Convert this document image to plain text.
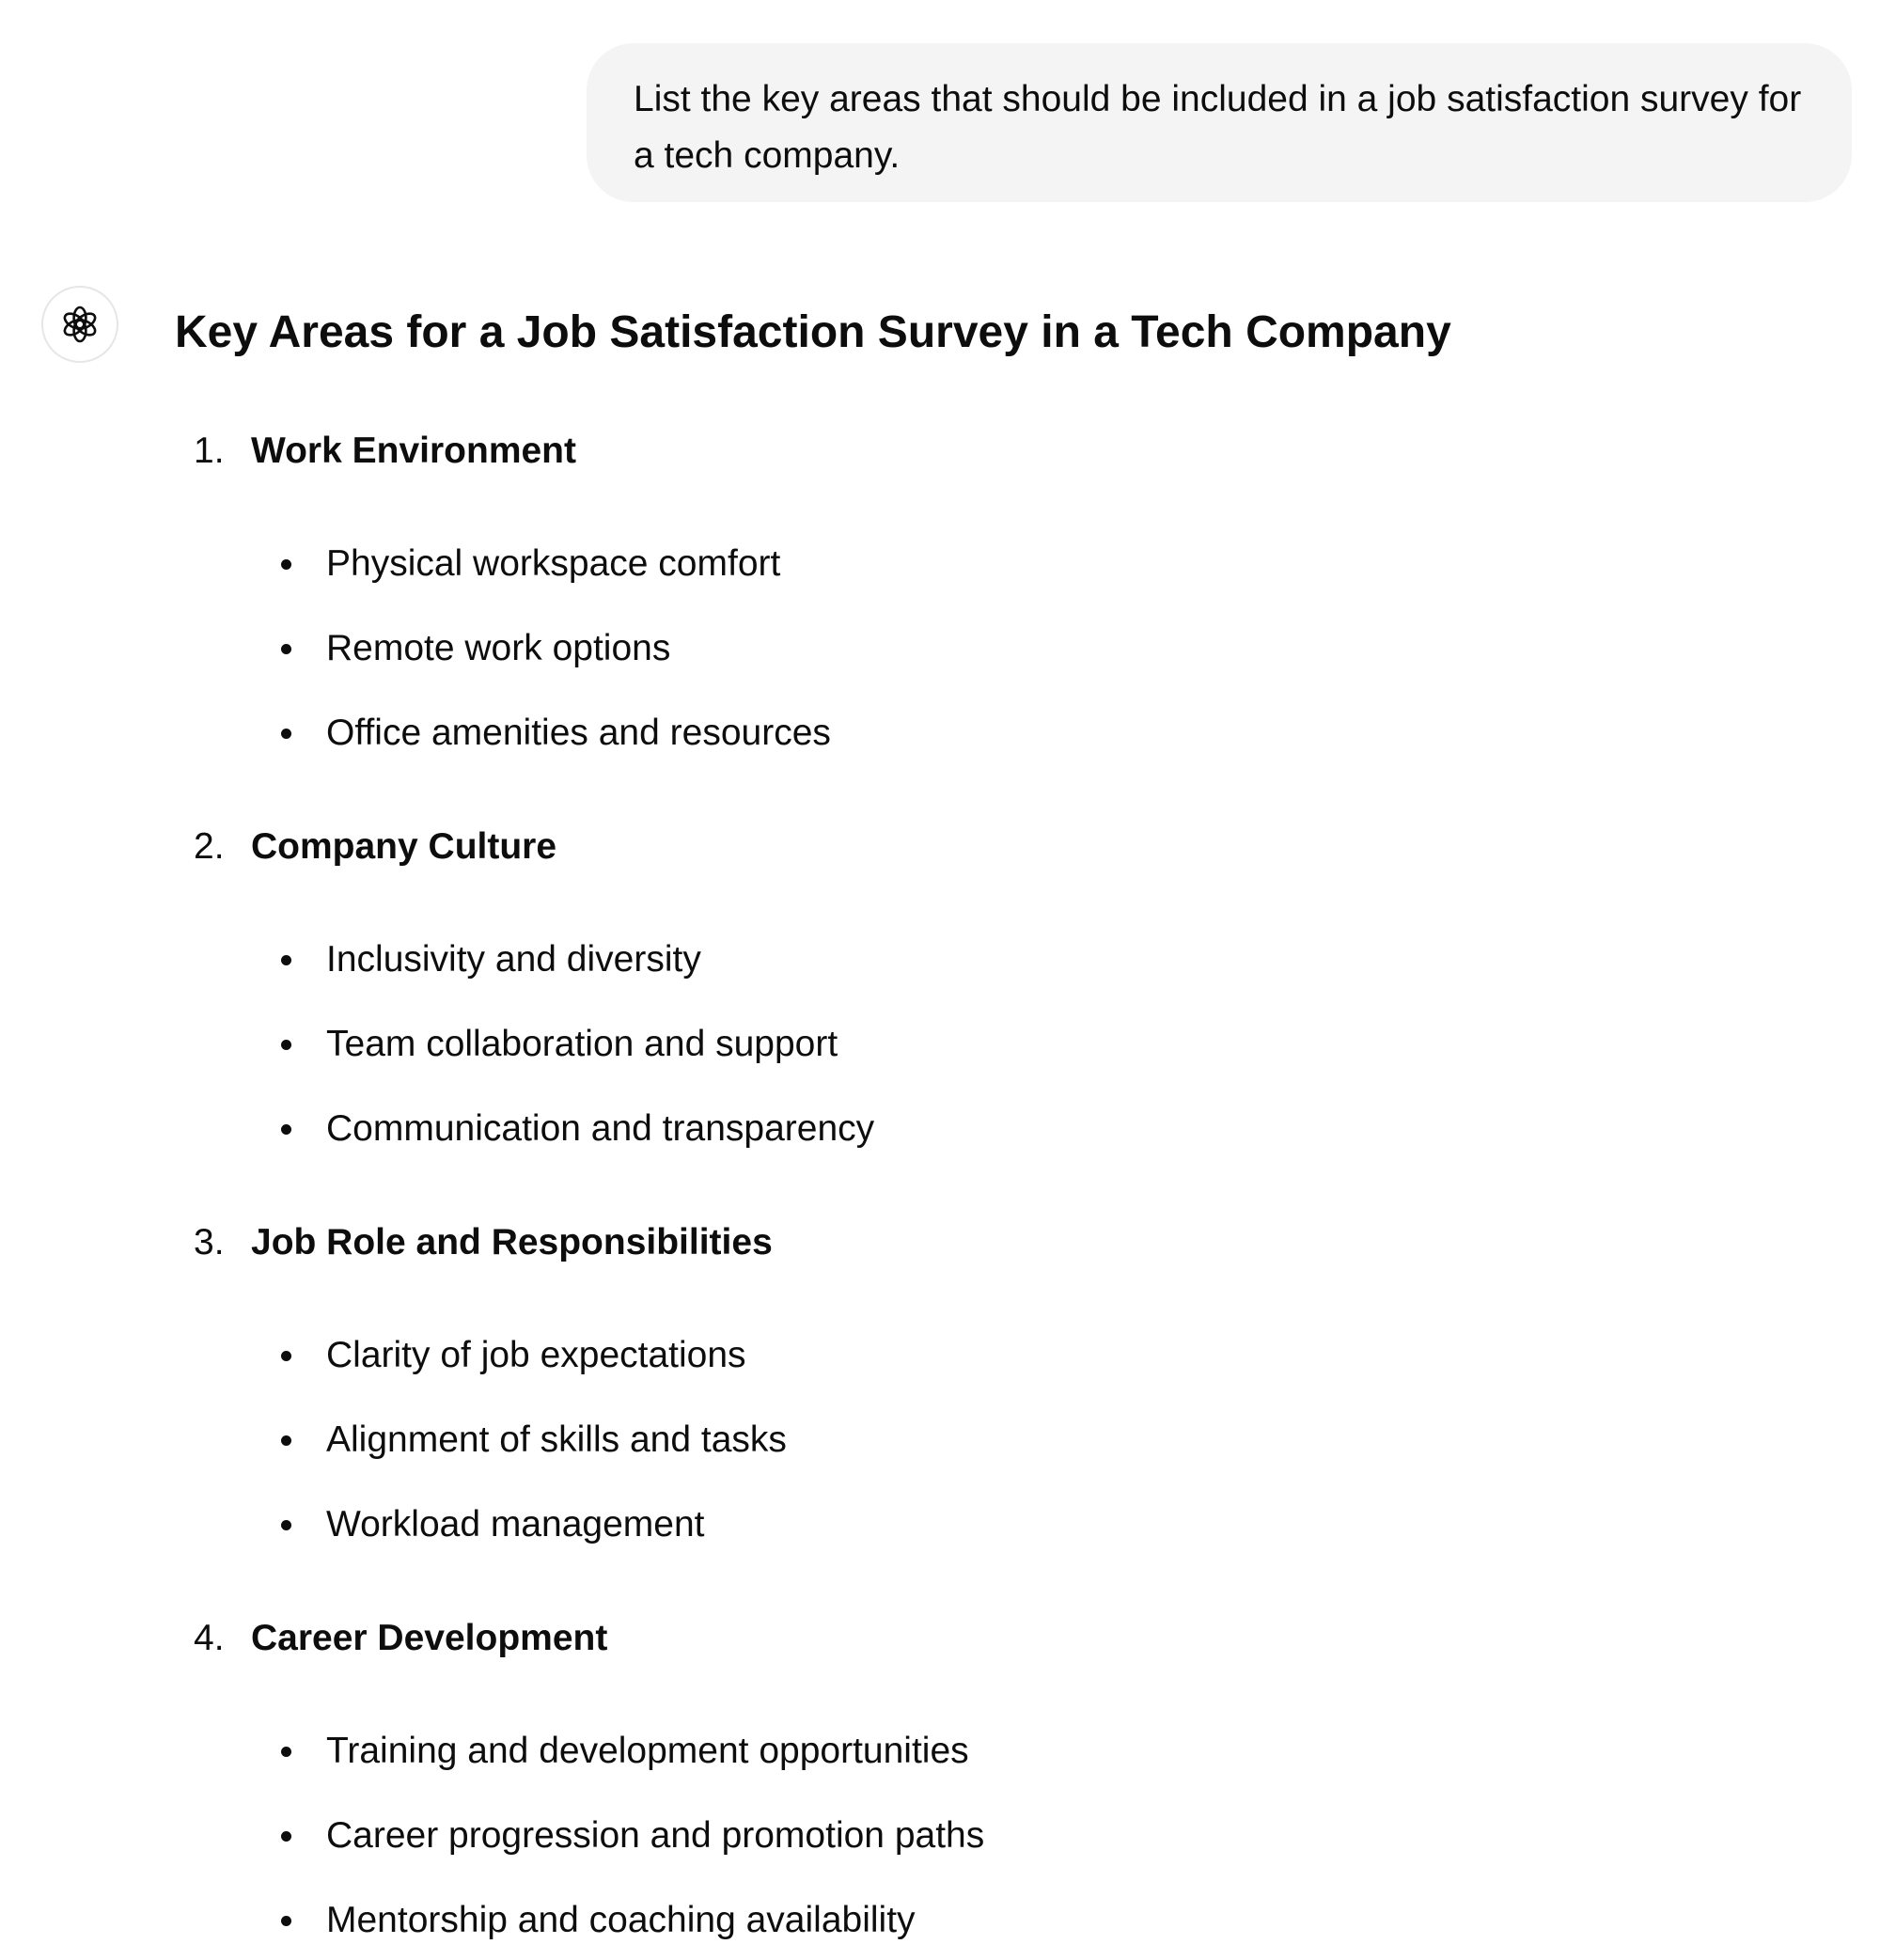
List the key areas that should be included in a job satisfaction survey for a tech company.
Key Areas for a Job Satisfaction Survey in a Tech Company
1. Work Environment
Physical workspace comfort
Remote work options
Office amenities and resources
2. Company Culture
Inclusivity and diversity
Team collaboration and support
Communication and transparency
3. Job Role and Responsibilities
Clarity of job expectations
Alignment of skills and tasks
Workload management
4. Career Development
Training and development opportunities
Career progression and promotion paths
Mentorship and coaching availability
